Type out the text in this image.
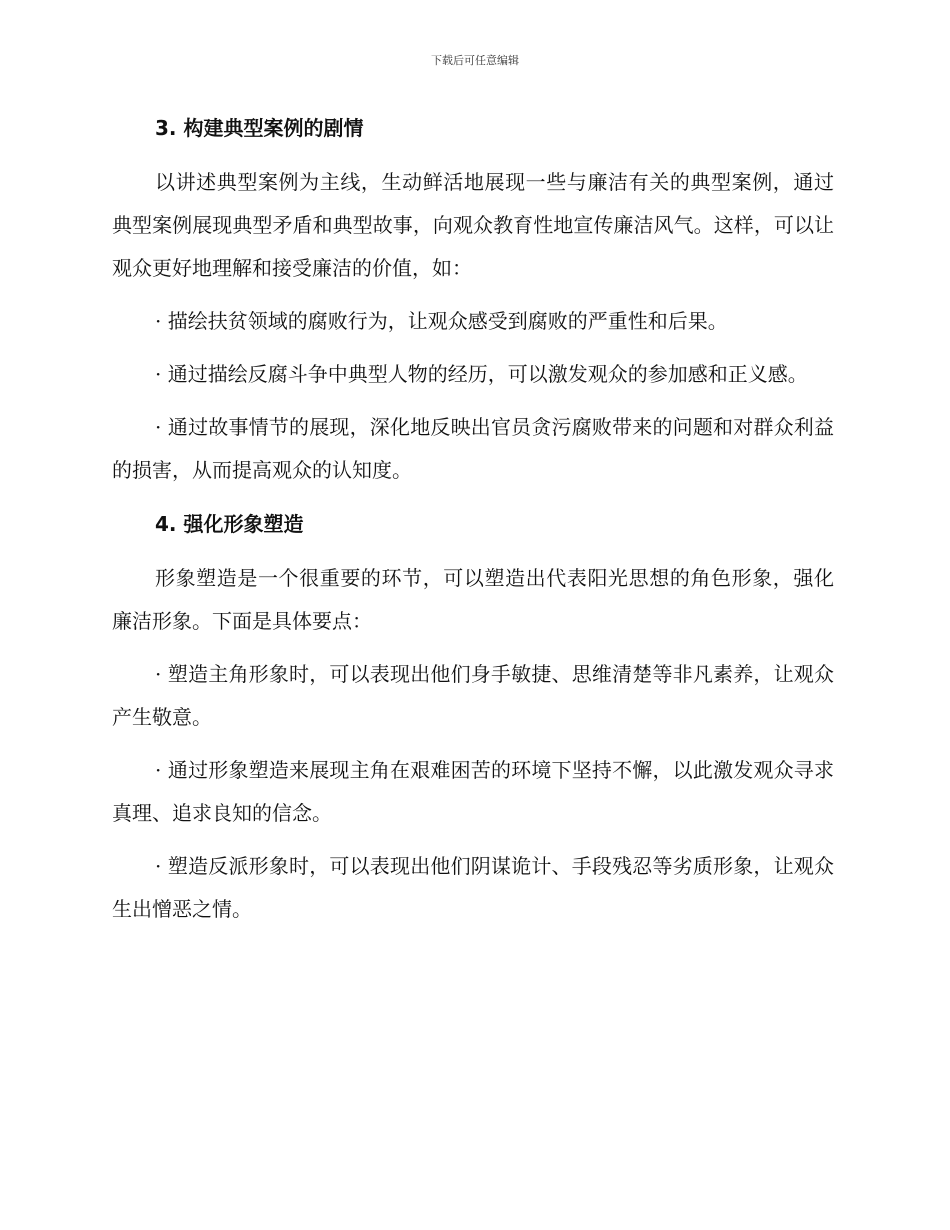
下载后可任意编辑
3. 构建典型案例的剧情

以讲述典型案例为主线，生动鲜活地展现一些与廉洁有关的典型案例，通过典型案例展现典型矛盾和典型故事，向观众教育性地宣传廉洁风气。这样，可以让观众更好地理解和接受廉洁的价值，如：

· 描绘扶贫领域的腐败行为，让观众感受到腐败的严重性和后果。

· 通过描绘反腐斗争中典型人物的经历，可以激发观众的参加感和正义感。

· 通过故事情节的展现，深化地反映出官员贪污腐败带来的问题和对群众利益的损害，从而提高观众的认知度。

4. 强化形象塑造

形象塑造是一个很重要的环节，可以塑造出代表阳光思想的角色形象，强化廉洁形象。下面是具体要点：

· 塑造主角形象时，可以表现出他们身手敏捷、思维清楚等非凡素养，让观众产生敬意。

· 通过形象塑造来展现主角在艰难困苦的环境下坚持不懈，以此激发观众寻求真理、追求良知的信念。

· 塑造反派形象时，可以表现出他们阴谋诡计、手段残忍等劣质形象，让观众生出憎恶之情。
